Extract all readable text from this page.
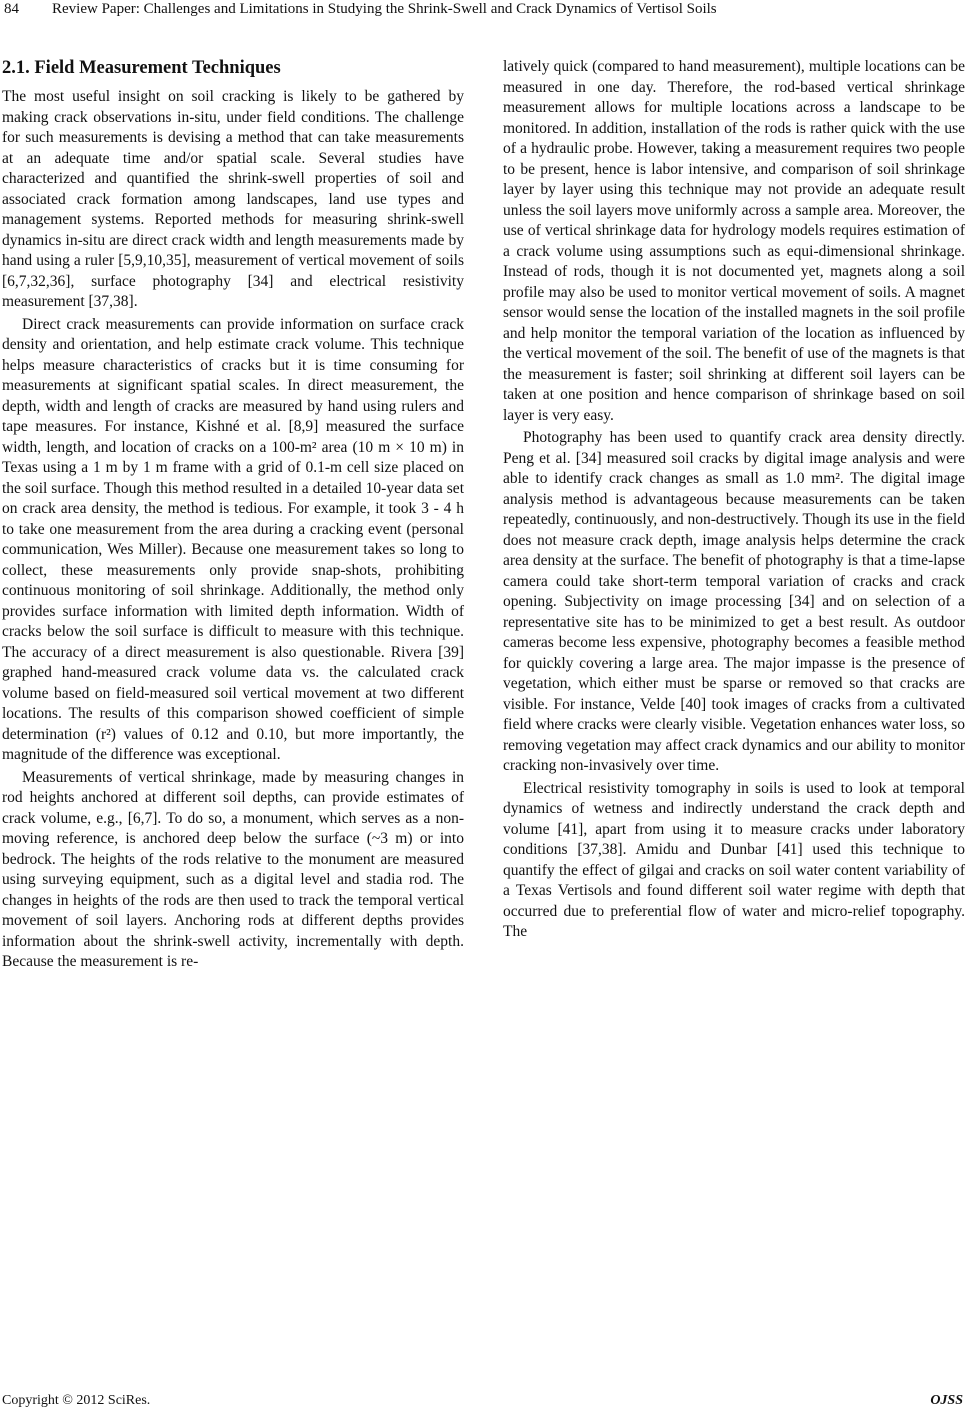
84 Review Paper: Challenges and Limitations in Studying the Shrink-Swell and Crack Dynamics of Vertisol Soils
2.1. Field Measurement Techniques

The most useful insight on soil cracking is likely to be gathered by making crack observations in-situ, under field conditions. The challenge for such measurements is devising a method that can take measurements at an adequate time and/or spatial scale. Several studies have characterized and quantified the shrink-swell properties of soil and associated crack formation among landscapes, land use types and management systems. Reported methods for measuring shrink-swell dynamics in-situ are direct crack width and length measurements made by hand using a ruler [5,9,10,35], measurement of vertical movement of soils [6,7,32,36], surface photography [34] and electrical resistivity measurement [37,38].

Direct crack measurements can provide information on surface crack density and orientation, and help estimate crack volume. This technique helps measure characteristics of cracks but it is time consuming for measurements at significant spatial scales. In direct measurement, the depth, width and length of cracks are measured by hand using rulers and tape measures. For instance, Kishné et al. [8,9] measured the surface width, length, and location of cracks on a 100-m² area (10 m × 10 m) in Texas using a 1 m by 1 m frame with a grid of 0.1-m cell size placed on the soil surface. Though this method resulted in a detailed 10-year data set on crack area density, the method is tedious. For example, it took 3 - 4 h to take one measurement from the area during a cracking event (personal communication, Wes Miller). Because one measurement takes so long to collect, these measurements only provide snap-shots, prohibiting continuous monitoring of soil shrinkage. Additionally, the method only provides surface information with limited depth information. Width of cracks below the soil surface is difficult to measure with this technique. The accuracy of a direct measurement is also questionable. Rivera [39] graphed hand-measured crack volume data vs. the calculated crack volume based on field-measured soil vertical movement at two different locations. The results of this comparison showed coefficient of simple determination (r²) values of 0.12 and 0.10, but more importantly, the magnitude of the difference was exceptional.

Measurements of vertical shrinkage, made by measuring changes in rod heights anchored at different soil depths, can provide estimates of crack volume, e.g., [6,7]. To do so, a monument, which serves as a non-moving reference, is anchored deep below the surface (~3 m) or into bedrock. The heights of the rods relative to the monument are measured using surveying equipment, such as a digital level and stadia rod. The changes in heights of the rods are then used to track the temporal vertical movement of soil layers. Anchoring rods at different depths provides information about the shrink-swell activity, incrementally with depth. Because the measurement is re-

latively quick (compared to hand measurement), multiple locations can be measured in one day. Therefore, the rod-based vertical shrinkage measurement allows for multiple locations across a landscape to be monitored. In addition, installation of the rods is rather quick with the use of a hydraulic probe. However, taking a measurement requires two people to be present, hence is labor intensive, and comparison of soil shrinkage layer by layer using this technique may not provide an adequate result unless the soil layers move uniformly across a sample area. Moreover, the use of vertical shrinkage data for hydrology models requires estimation of a crack volume using assumptions such as equi-dimensional shrinkage. Instead of rods, though it is not documented yet, magnets along a soil profile may also be used to monitor vertical movement of soils. A magnet sensor would sense the location of the installed magnets in the soil profile and help monitor the temporal variation of the location as influenced by the vertical movement of the soil. The benefit of use of the magnets is that the measurement is faster; soil shrinking at different soil layers can be taken at one position and hence comparison of shrinkage based on soil layer is very easy.

Photography has been used to quantify crack area density directly. Peng et al. [34] measured soil cracks by digital image analysis and were able to identify crack changes as small as 1.0 mm². The digital image analysis method is advantageous because measurements can be taken repeatedly, continuously, and non-destructively. Though its use in the field does not measure crack depth, image analysis helps determine the crack area density at the surface. The benefit of photography is that a time-lapse camera could take short-term temporal variation of cracks and crack opening. Subjectivity on image processing [34] and on selection of a representative site has to be minimized to get a best result. As outdoor cameras become less expensive, photography becomes a feasible method for quickly covering a large area. The major impasse is the presence of vegetation, which either must be sparse or removed so that cracks are visible. For instance, Velde [40] took images of cracks from a cultivated field where cracks were clearly visible. Vegetation enhances water loss, so removing vegetation may affect crack dynamics and our ability to monitor cracking non-invasively over time.

Electrical resistivity tomography in soils is used to look at temporal dynamics of wetness and indirectly understand the crack depth and volume [41], apart from using it to measure cracks under laboratory conditions [37,38]. Amidu and Dunbar [41] used this technique to quantify the effect of gilgai and cracks on soil water content variability of a Texas Vertisols and found different soil water regime with depth that occurred due to preferential flow of water and micro-relief topography. The

Copyright © 2012 SciRes.	OJSS
